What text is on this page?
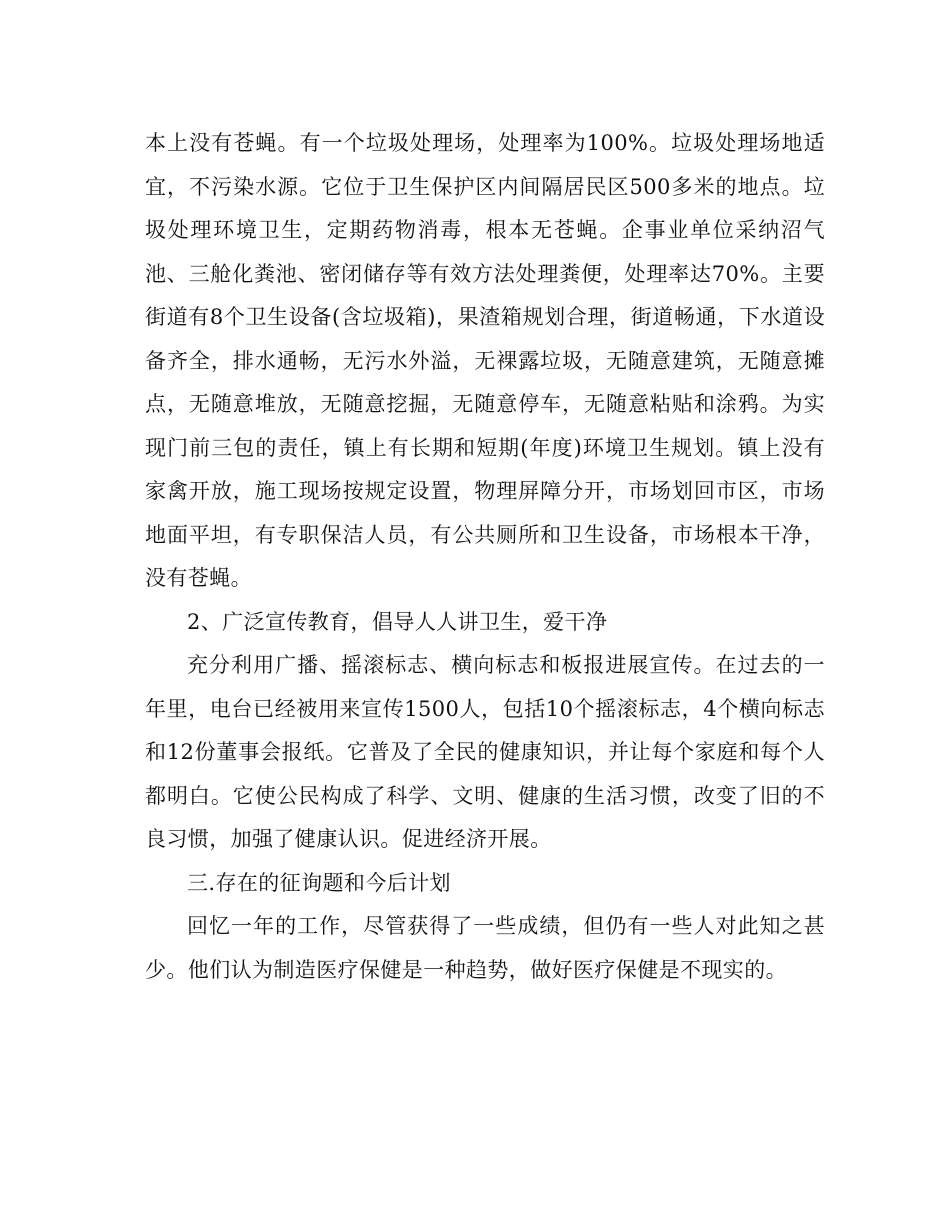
本上没有苍蝇。有一个垃圾处理场，处理率为100%。垃圾处理场地适宜，不污染水源。它位于卫生保护区内间隔居民区500多米的地点。垃圾处理环境卫生，定期药物消毒，根本无苍蝇。企事业单位采纳沼气池、三舱化粪池、密闭储存等有效方法处理粪便，处理率达70%。主要街道有8个卫生设备(含垃圾箱)，果渣箱规划合理，街道畅通，下水道设备齐全，排水通畅，无污水外溢，无裸露垃圾，无随意建筑，无随意摊点，无随意堆放，无随意挖掘，无随意停车，无随意粘贴和涂鸦。为实现门前三包的责任，镇上有长期和短期(年度)环境卫生规划。镇上没有家禽开放，施工现场按规定设置，物理屏障分开，市场划回市区，市场地面平坦，有专职保洁人员，有公共厕所和卫生设备，市场根本干净，没有苍蝇。

2、广泛宣传教育，倡导人人讲卫生，爱干净

充分利用广播、摇滚标志、横向标志和板报进展宣传。在过去的一年里，电台已经被用来宣传1500人，包括10个摇滚标志，4个横向标志和12份董事会报纸。它普及了全民的健康知识，并让每个家庭和每个人都明白。它使公民构成了科学、文明、健康的生活习惯，改变了旧的不良习惯，加强了健康认识。促进经济开展。

三.存在的征询题和今后计划

回忆一年的工作，尽管获得了一些成绩，但仍有一些人对此知之甚少。他们认为制造医疗保健是一种趋势，做好医疗保健是不现实的。
